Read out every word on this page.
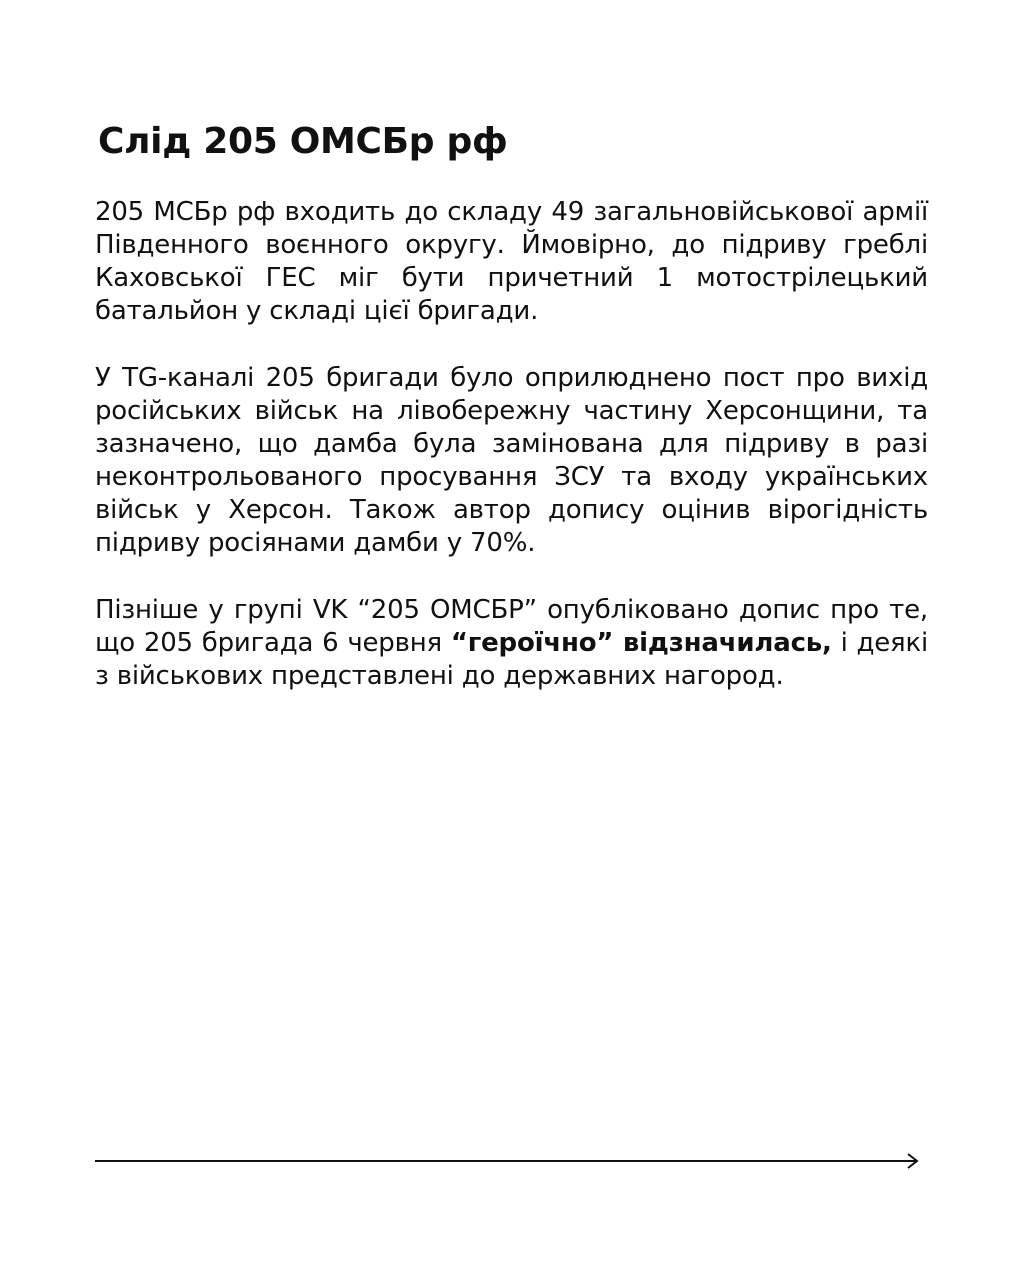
Слід 205 ОМСБр рф

205 МСБр рф входить до складу 49 загальновійськової армії Південного воєнного округу. Ймовірно, до підриву греблі Каховської ГЕС міг бути причетний 1 мотострілецький батальйон у складі цієї бригади.

У TG-каналі 205 бригади було оприлюднено пост про вихід російських військ на лівобережну частину Херсонщини, та зазначено, що дамба була замінована для підриву в разі неконтрольованого просування ЗСУ та входу українських військ у Херсон. Також автор допису оцінив вірогідність підриву росіянами дамби у 70%.

Пізніше у групі VK “205 ОМСБР” опубліковано допис про те, що 205 бригада 6 червня “героїчно” відзначилась, і деякі з військових представлені до державних нагород.
